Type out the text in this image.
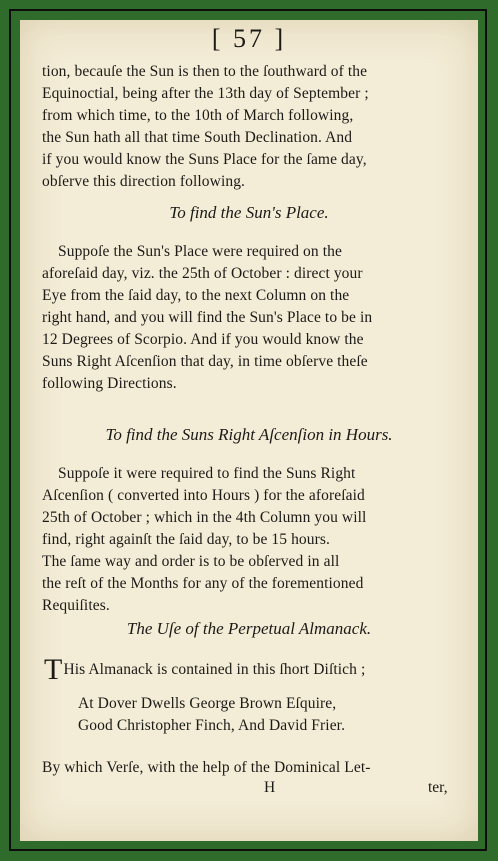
[ 57 ]
tion, becauſe the Sun is then to the ſouthward of the
Equinoctial, being after the 13th day of September ;
from which time, to the 10th of March following,
the Sun hath all that time South Declination. And
if you would know the Suns Place for the ſame day,
obſerve this direction following.
To find the Sun's Place.
Suppoſe the Sun's Place were required on the
aforeſaid day, viz. the 25th of October : direct your
Eye from the ſaid day, to the next Column on the
right hand, and you will find the Sun's Place to be in
12 Degrees of Scorpio. And if you would know the
Suns Right Aſcenſion that day, in time obſerve theſe
following Directions.
To find the Suns Right Aſcenſion in Hours.
Suppoſe it were required to find the Suns Right
Aſcenſion ( converted into Hours ) for the aforeſaid
25th of October ; which in the 4th Column you will
find, right againſt the ſaid day, to be 15 hours.
The ſame way and order is to be obſerved in all
the reſt of the Months for any of the forementioned
Requiſites.
The Uſe of the Perpetual Almanack.
THis Almanack is contained in this ſhort Diſtich ;
At Dover Dwells George Brown Eſquire,
Good Christopher Finch, And David Frier.
By which Verſe, with the help of the Dominical Let-
H	ter,
